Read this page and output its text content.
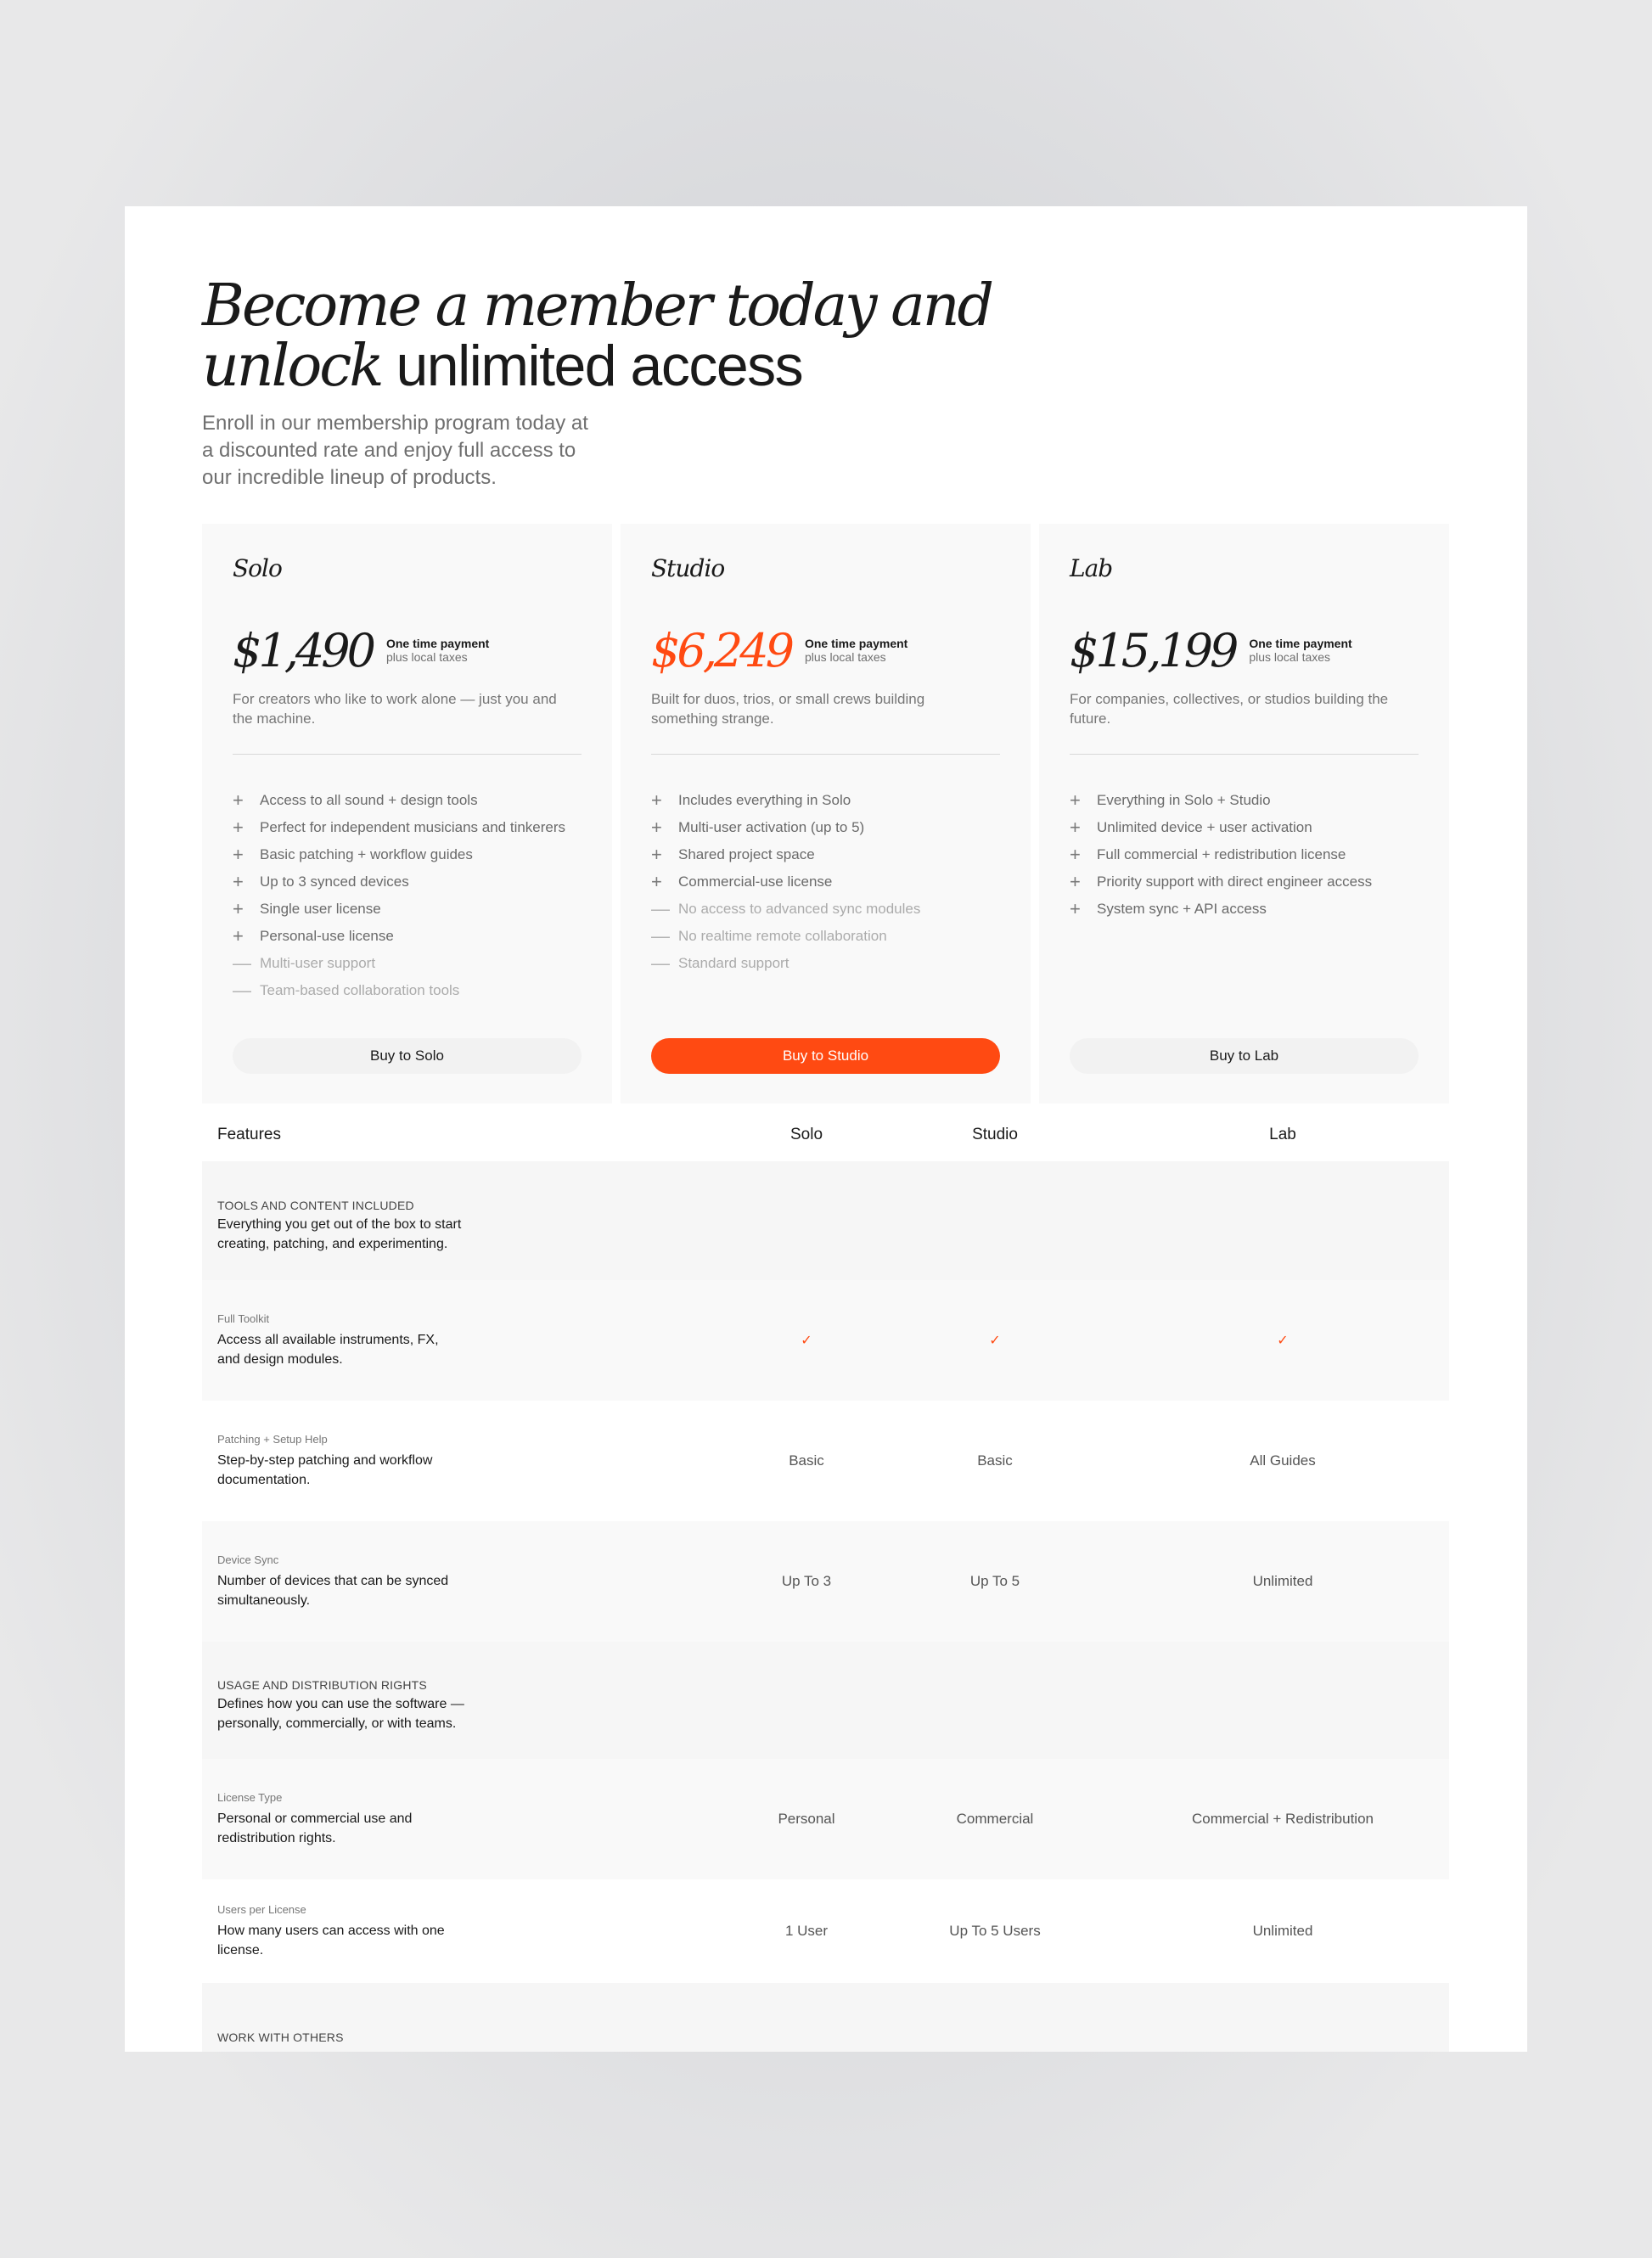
Become a member today and
unlock unlimited access

Enroll in our membership program today at a discounted rate and enjoy full access to our incredible lineup of products.

Solo
$1,490 One time payment
plus local taxes

For creators who like to work alone — just you and the machine.

+	Access to all sound + design tools
+	Perfect for independent musicians and tinkerers
+	Basic patching + workflow guides
+	Up to 3 synced devices
+	Single user license
+	Personal-use license
— Multi-user support
— Team-based collaboration tools
Buy to Solo
Studio
$6,249 One time payment
plus local taxes

Built for duos, trios, or small crews building something strange.

+	Includes everything in Solo
+	Multi-user activation (up to 5)
+	Shared project space
+	Commercial-use license
— No access to advanced sync modules
— No realtime remote collaboration
— Standard support
Buy to Studio
Lab
$15,199 One time payment
plus local taxes

For companies, collectives, or studios building the future.

+	Everything in Solo + Studio
+	Unlimited device + user activation
+	Full commercial + redistribution license
+	Priority support with direct engineer access
+	System sync + API access
Buy to Lab
Features	Solo	Studio	Lab
TOOLS AND CONTENT INCLUDED
Everything you get out of the box to start creating, patching, and experimenting.
Full Toolkit
Access all available instruments, FX, and design modules.
✓	✓	✓
Patching + Setup Help
Step-by-step patching and workflow documentation.
Basic	Basic	All Guides
Device Sync
Number of devices that can be synced simultaneously.
Up To 3	Up To 5	Unlimited
USAGE AND DISTRIBUTION RIGHTS
Defines how you can use the software — personally, commercially, or with teams.
License Type
Personal or commercial use and redistribution rights.
Personal	Commercial	Commercial + Redistribution
Users per License
How many users can access with one license.
1 User	Up To 5 Users	Unlimited
WORK WITH OTHERS
